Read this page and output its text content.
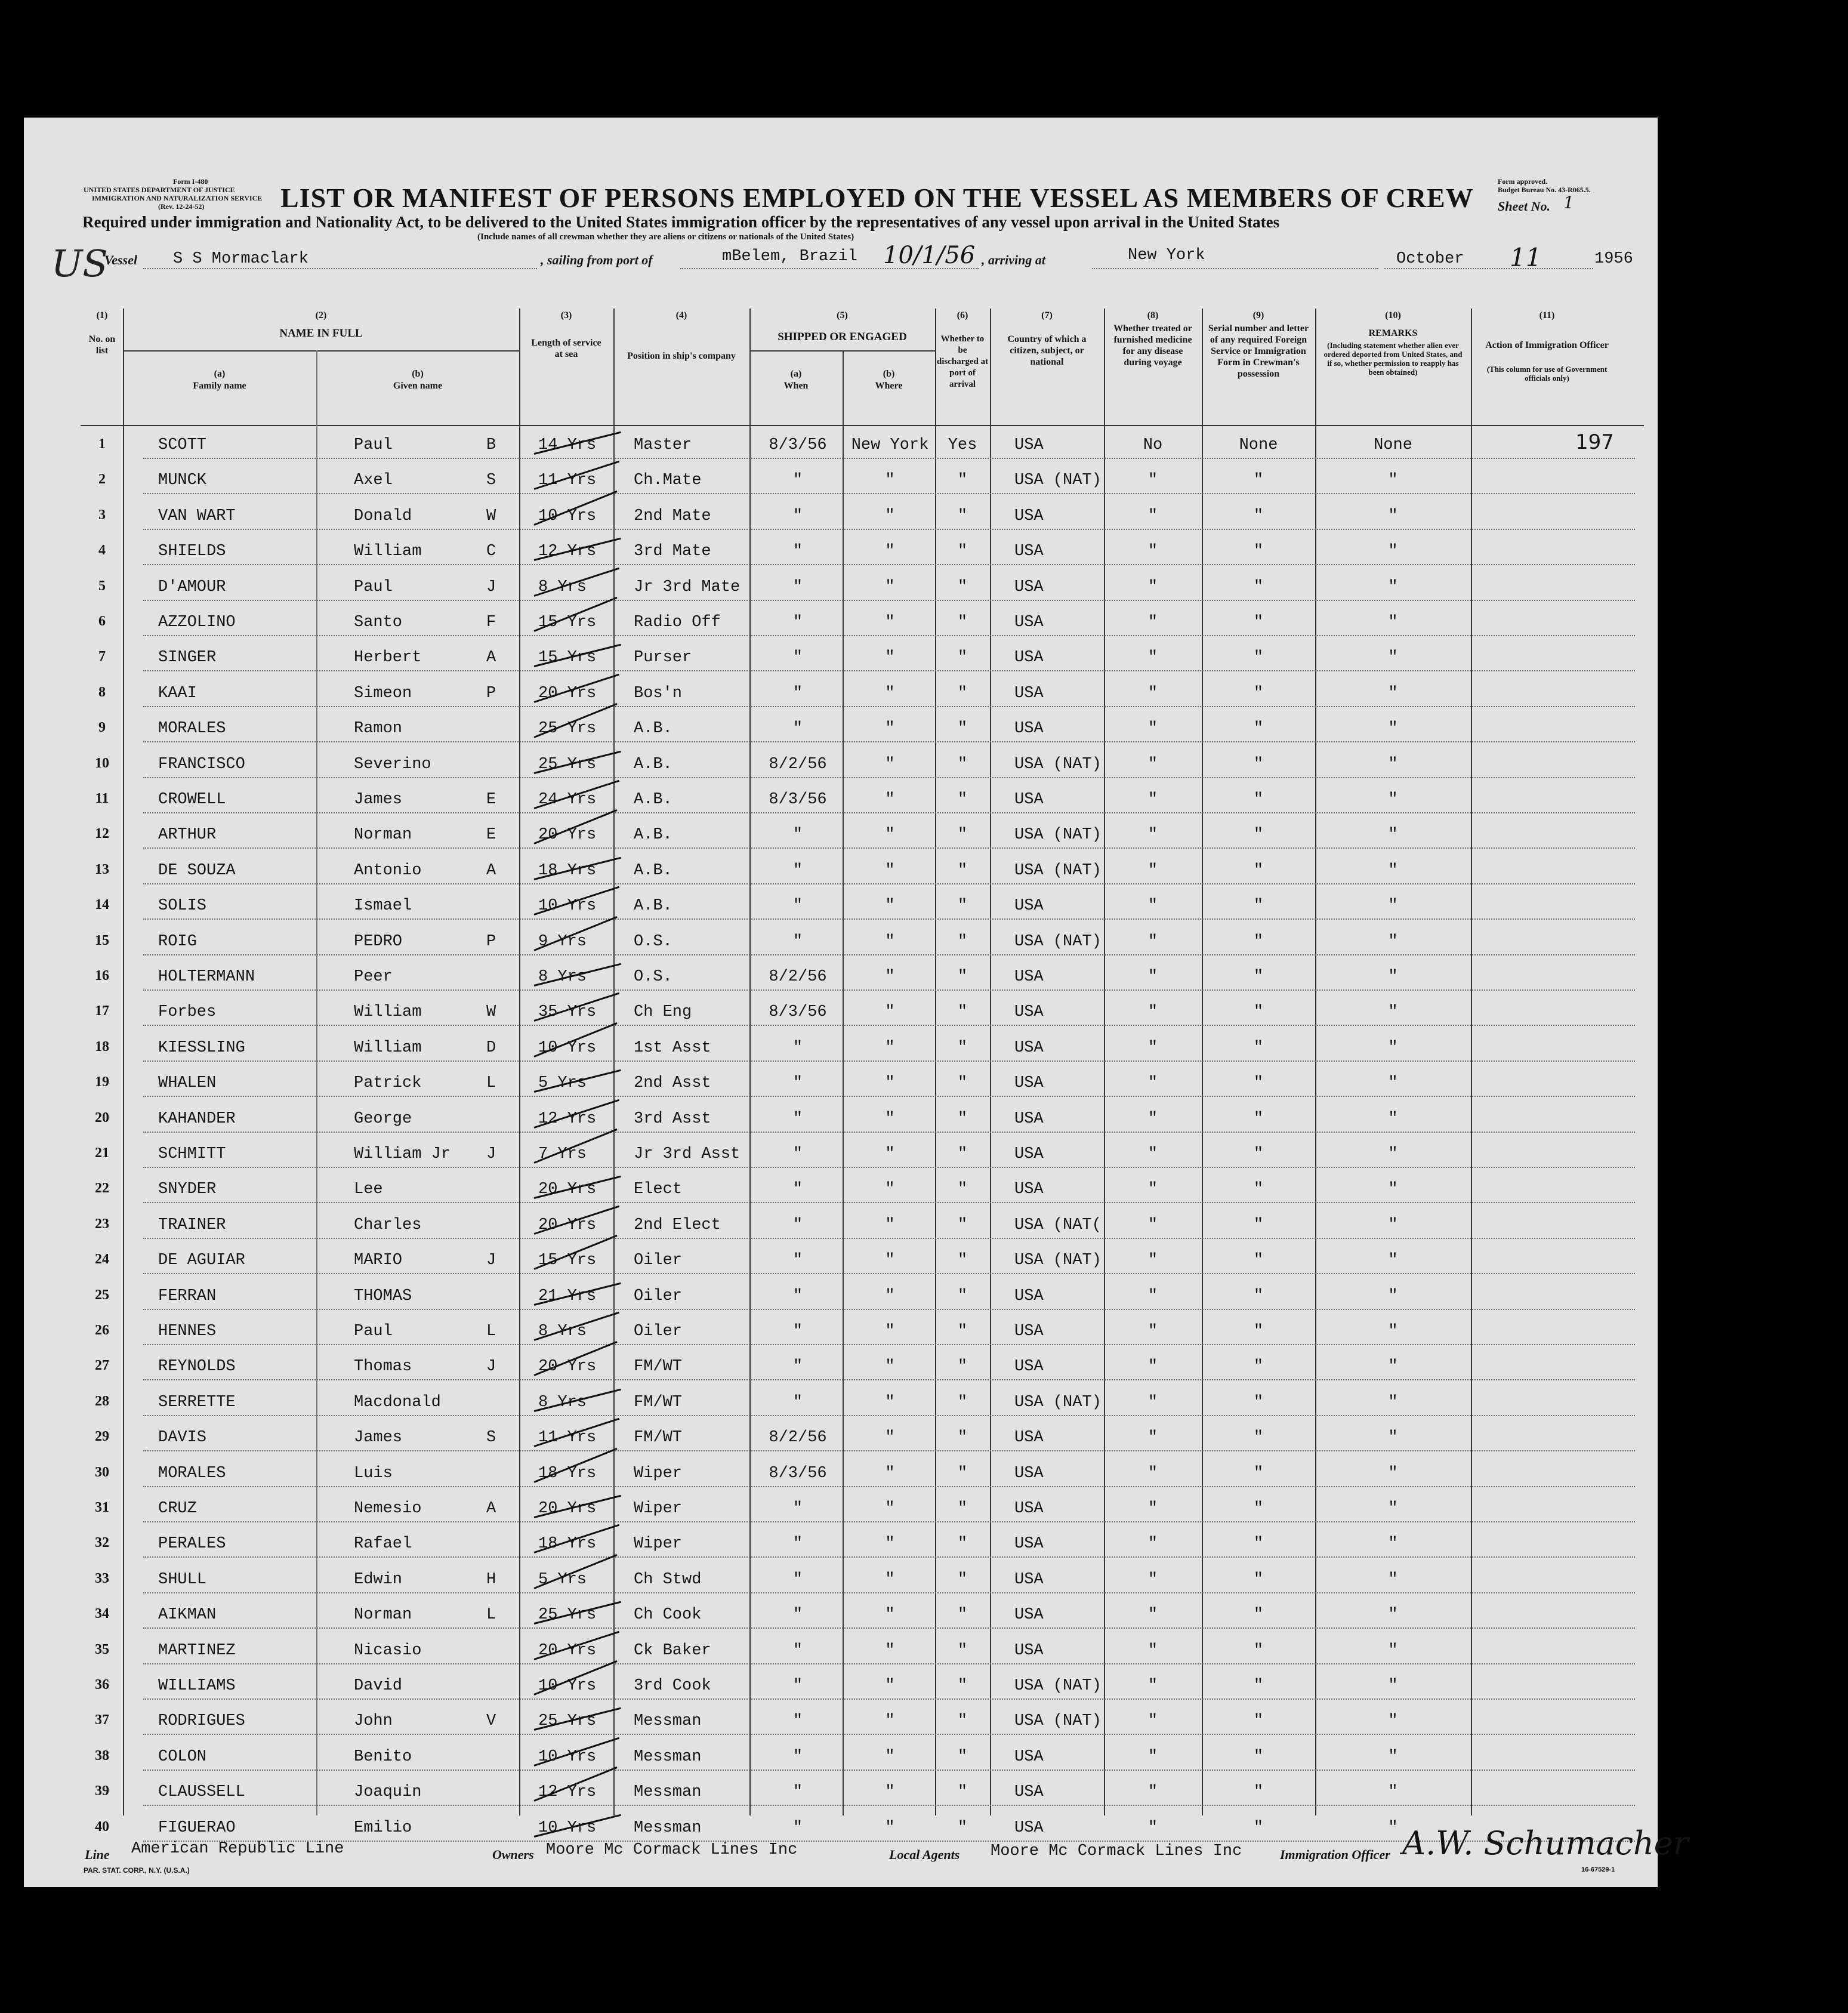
Form I-480
UNITED STATES DEPARTMENT OF JUSTICE
IMMIGRATION AND NATURALIZATION SERVICE
(Rev. 12-24-52)
Form approved.
Budget Bureau No. 43-R065.5.
Sheet No. 1
LIST OR MANIFEST OF PERSONS EMPLOYED ON THE VESSEL AS MEMBERS OF CREW
Required under immigration and Nationality Act, to be delivered to the United States immigration officer by the representatives of any vessel upon arrival in the United States
(Include names of all crewman whether they are aliens or citizens or nationals of the United States)
US
Vessel S S Mormaclark	, sailing from port of	mBelem, Brazil 10/1/56 , arriving at	New York	October 11	1956
(1)
No. on list
(2)
NAME IN FULL
(a)
Family name
(b)
Given name
(3)
Length of service at sea
(4)
Position in ship's company
(5)
SHIPPED OR ENGAGED
(a)
When
(b)
Where
(6)
Whether to be discharged at port of arrival
(7)
Country of which a citizen, subject, or national
(8)
Whether treated or furnished medicine for any disease during voyage
(9)
Serial number and letter of any required Foreign Service or Immigration Form in Crewman's possession
(10)
REMARKS
(Including statement whether alien ever ordered deported from United States, and if so, whether permission to reapply has been obtained)
(11)
Action of Immigration Officer
(This column for use of Government officials only)
1	SCOTT	Paul	B	14 Yrs Master	8/3/56	New York	Yes	USA	No	None	None	197
2	MUNCK	Axel	S	11 Yrs Ch.Mate	"	"	"	USA (NAT)	"	"	"
3	VAN WART	Donald	W	10 Yrs 2nd Mate	"	"	"	USA	"	"	"
4	SHIELDS	William	C	12 Yrs 3rd Mate	"	"	"	USA	"	"	"
5	D'AMOUR	Paul	J	8 Yrs	Jr 3rd Mate	"	"	"	USA	"	"	"
6	AZZOLINO	Santo	F	15 Yrs Radio Off	"	"	"	USA	"	"	"
7	SINGER	Herbert	A	15 Yrs Purser	"	"	"	USA	"	"	"
8	KAAI	Simeon	P	20 Yrs Bos'n	"	"	"	USA	"	"	"
9	MORALES	Ramon	25 Yrs A.B.	"	"	"	USA	"	"	"
10	FRANCISCO	Severino	25 Yrs A.B.	8/2/56	"	"	USA (NAT)	"	"	"
11	CROWELL	James	E	24 Yrs A.B.	8/3/56	"	"	USA	"	"	"
12	ARTHUR	Norman	E	20 Yrs A.B.	"	"	"	USA (NAT)	"	"	"
13	DE SOUZA	Antonio	A	18 Yrs A.B.	"	"	"	USA (NAT)	"	"	"
14	SOLIS	Ismael	10 Yrs A.B.	"	"	"	USA	"	"	"
15	ROIG	PEDRO	P	9 Yrs	O.S.	"	"	"	USA (NAT)	"	"	"
16	HOLTERMANN	Peer	8 Yrs	O.S.	8/2/56	"	"	USA	"	"	"
17	Forbes	William	W	35 Yrs Ch Eng	8/3/56	"	"	USA	"	"	"
18	KIESSLING	William	D	10 Yrs 1st Asst	"	"	"	USA	"	"	"
19	WHALEN	Patrick	L	5 Yrs	2nd Asst	"	"	"	USA	"	"	"
20	KAHANDER	George	12 Yrs 3rd Asst	"	"	"	USA	"	"	"
21	SCHMITT	William Jr J	7 Yrs	Jr 3rd Asst	"	"	"	USA	"	"	"
22	SNYDER	Lee	20 Yrs Elect	"	"	"	USA	"	"	"
23	TRAINER	Charles	20 Yrs 2nd Elect	"	"	"	USA (NAT(	"	"	"
24	DE AGUIAR	MARIO	J	15 Yrs Oiler	"	"	"	USA (NAT)	"	"	"
25	FERRAN	THOMAS	21 Yrs Oiler	"	"	"	USA	"	"	"
26	HENNES	Paul	L	8 Yrs	Oiler	"	"	"	USA	"	"	"
27	REYNOLDS	Thomas	J	20 Yrs FM/WT	"	"	"	USA	"	"	"
28	SERRETTE	Macdonald	8 Yrs	FM/WT	"	"	"	USA (NAT)	"	"	"
29	DAVIS	James	S	11 Yrs FM/WT	8/2/56	"	"	USA	"	"	"
30	MORALES	Luis	18 Yrs Wiper	8/3/56	"	"	USA	"	"	"
31	CRUZ	Nemesio	A	20 Yrs Wiper	"	"	"	USA	"	"	"
32	PERALES	Rafael	18 Yrs Wiper	"	"	"	USA	"	"	"
33	SHULL	Edwin	H	5 Yrs	Ch Stwd	"	"	"	USA	"	"	"
34	AIKMAN	Norman	L	25 Yrs Ch Cook	"	"	"	USA	"	"	"
35	MARTINEZ	Nicasio	20 Yrs Ck Baker	"	"	"	USA	"	"	"
36	WILLIAMS	David	10 Yrs 3rd Cook	"	"	"	USA (NAT)	"	"	"
37	RODRIGUES	John	V	25 Yrs Messman	"	"	"	USA (NAT)	"	"	"
38	COLON	Benito	10 Yrs Messman	"	"	"	USA	"	"	"
39	CLAUSSELL	Joaquin	12 Yrs Messman	"	"	"	USA	"	"	"
40	FIGUERAO	Emilio	10 Yrs Messman	"	"	"	USA	"	"	"
Line American Republic Line	Owners Moore Mc Cormack Lines Inc	Local Agents Moore Mc Cormack Lines Inc	Immigration Officer A.W. Schumacher
PAR. STAT. CORP., N.Y. (U.S.A.)	16-67529-1
